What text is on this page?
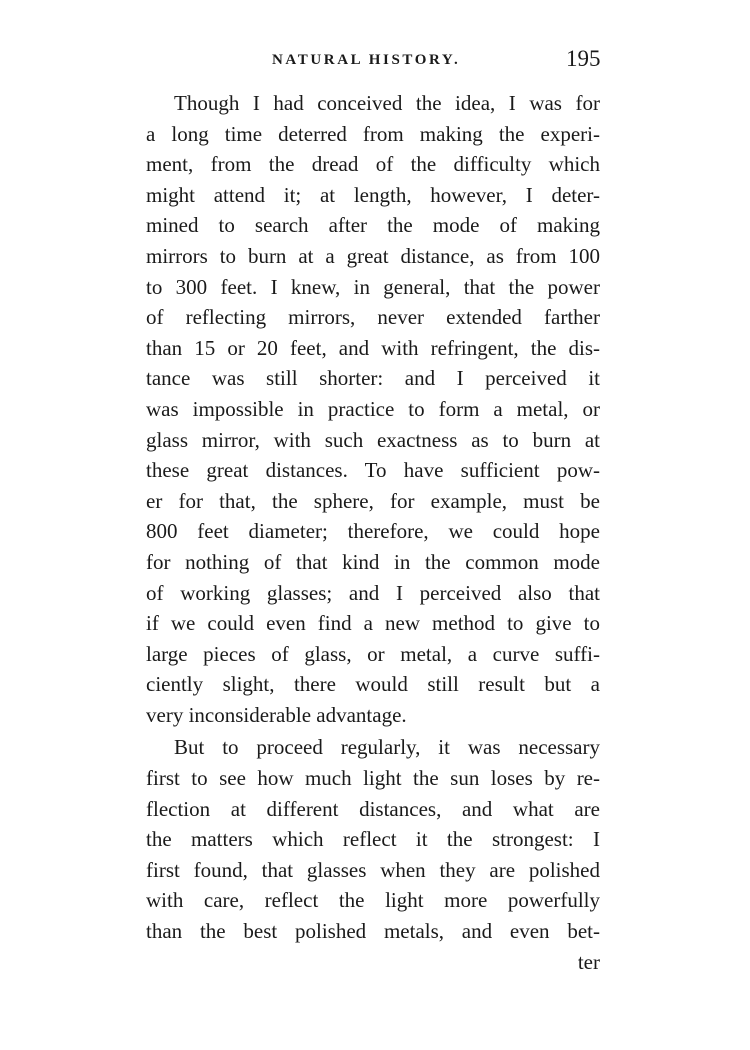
NATURAL HISTORY.	195
Though I had conceived the idea, I was for
a long time deterred from making the experi-
ment, from the dread of the difficulty which
might attend it; at length, however, I deter-
mined to search after the mode of making
mirrors to burn at a great distance, as from 100
to 300 feet. I knew, in general, that the power
of reflecting mirrors, never extended farther
than 15 or 20 feet, and with refringent, the dis-
tance was still shorter: and I perceived it
was impossible in practice to form a metal, or
glass mirror, with such exactness as to burn at
these great distances. To have sufficient pow-
er for that, the sphere, for example, must be
800 feet diameter; therefore, we could hope
for nothing of that kind in the common mode
of working glasses; and I perceived also that
if we could even find a new method to give to
large pieces of glass, or metal, a curve suffi-
ciently slight, there would still result but a
very inconsiderable advantage.
But to proceed regularly, it was necessary
first to see how much light the sun loses by re-
flection at different distances, and what are
the matters which reflect it the strongest: I
first found, that glasses when they are polished
with care, reflect the light more powerfully
than the best polished metals, and even bet-
ter
